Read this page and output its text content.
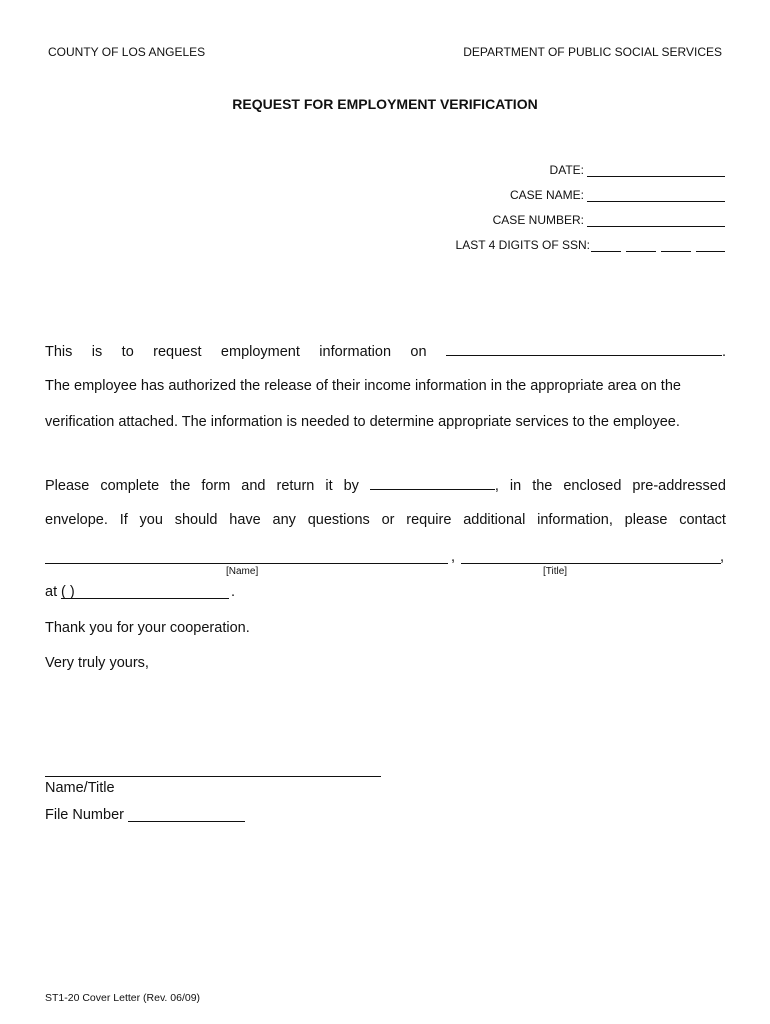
COUNTY OF LOS ANGELES	DEPARTMENT OF PUBLIC SOCIAL SERVICES
REQUEST FOR EMPLOYMENT VERIFICATION
DATE:
CASE NAME:
CASE NUMBER:
LAST 4 DIGITS OF SSN:
This is to request employment information on	.
The employee has authorized the release of their income information in the appropriate area on the
verification attached. The information is needed to determine appropriate services to the employee.
Please complete the form and return it by	, in the enclosed pre-addressed
envelope. If you should have any questions or require additional information, please contact
,	,
[Name]	[Title]
at ( )	.
Thank you for your cooperation.
Very truly yours,
Name/Title
File Number
ST1-20 Cover Letter (Rev. 06/09)
